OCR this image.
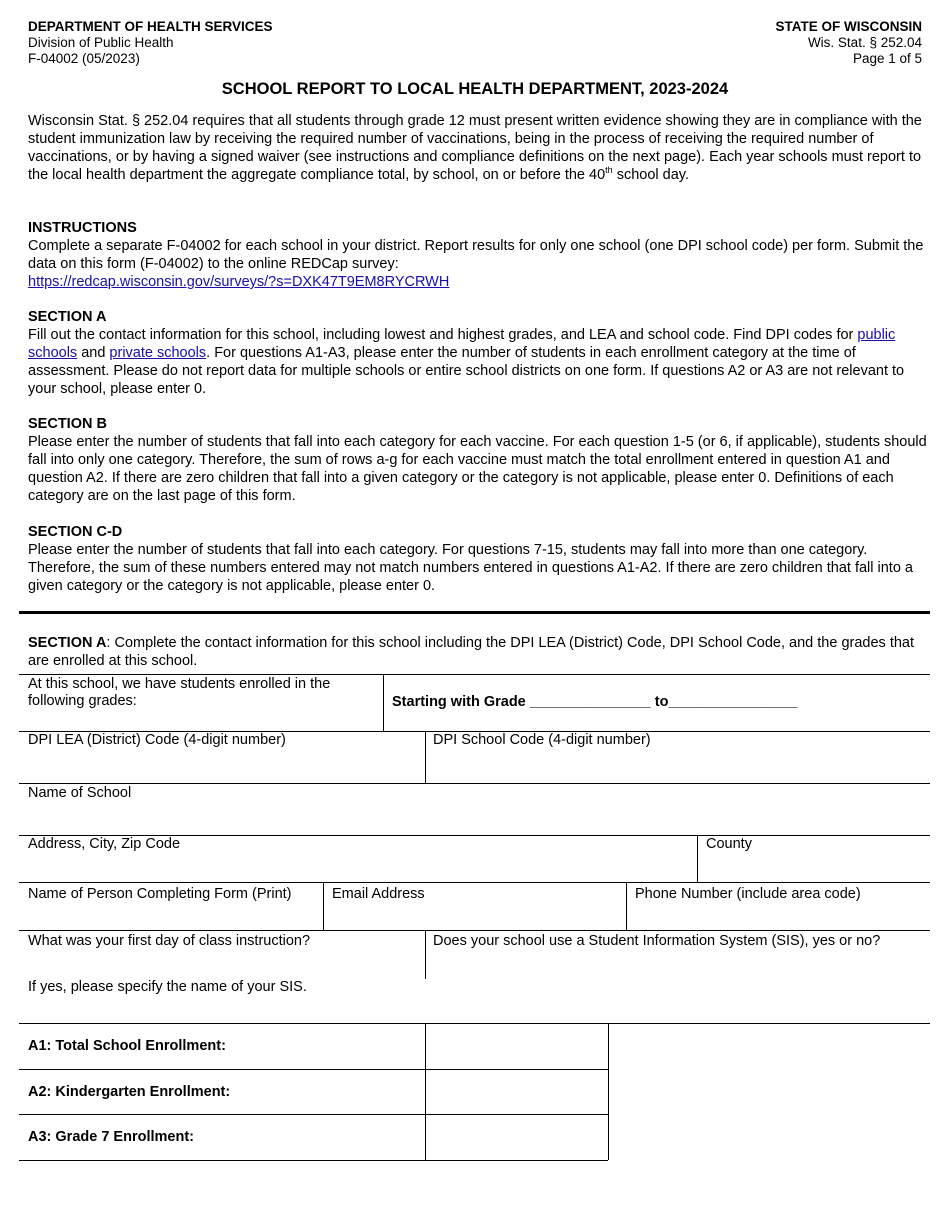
DEPARTMENT OF HEALTH SERVICES
Division of Public Health
F-04002 (05/2023)
STATE OF WISCONSIN
Wis. Stat. § 252.04
Page 1 of 5
SCHOOL REPORT TO LOCAL HEALTH DEPARTMENT, 2023-2024

Wisconsin Stat. § 252.04 requires that all students through grade 12 must present written evidence showing they are in compliance with the student immunization law by receiving the required number of vaccinations, being in the process of receiving the required number of vaccinations, or by having a signed waiver (see instructions and compliance definitions on the next page). Each year schools must report to the local health department the aggregate compliance total, by school, on or before the 40th school day.

INSTRUCTIONS

Complete a separate F-04002 for each school in your district. Report results for only one school (one DPI school code) per form. Submit the data on this form (F-04002) to the online REDCap survey:

https://redcap.wisconsin.gov/surveys/?s=DXK47T9EM8RYCRWH

SECTION A

Fill out the contact information for this school, including lowest and highest grades, and LEA and school code. Find DPI codes for public schools and private schools. For questions A1-A3, please enter the number of students in each enrollment category at the time of assessment. Please do not report data for multiple schools or entire school districts on one form. If questions A2 or A3 are not relevant to your school, please enter 0.

SECTION B

Please enter the number of students that fall into each category for each vaccine. For each question 1-5 (or 6, if applicable), students should fall into only one category. Therefore, the sum of rows a-g for each vaccine must match the total enrollment entered in question A1 and question A2. If there are zero children that fall into a given category or the category is not applicable, please enter 0. Definitions of each category are on the last page of this form.

SECTION C-D

Please enter the number of students that fall into each category. For questions 7-15, students may fall into more than one category. Therefore, the sum of these numbers entered may not match numbers entered in questions A1-A2. If there are zero children that fall into a given category or the category is not applicable, please enter 0.

SECTION A: Complete the contact information for this school including the DPI LEA (District) Code, DPI School Code, and the grades that are enrolled at this school.

At this school, we have students enrolled in the following grades:	Starting with Grade _______________ to________________
DPI LEA (District) Code (4-digit number)	DPI School Code (4-digit number)
Name of School
Address, City, Zip Code	County
Name of Person Completing Form (Print)	Email Address	Phone Number (include area code)
What was your first day of class instruction?	Does your school use a Student Information System (SIS), yes or no?
If yes, please specify the name of your SIS.
A1: Total School Enrollment:
A2: Kindergarten Enrollment:
A3: Grade 7 Enrollment:
